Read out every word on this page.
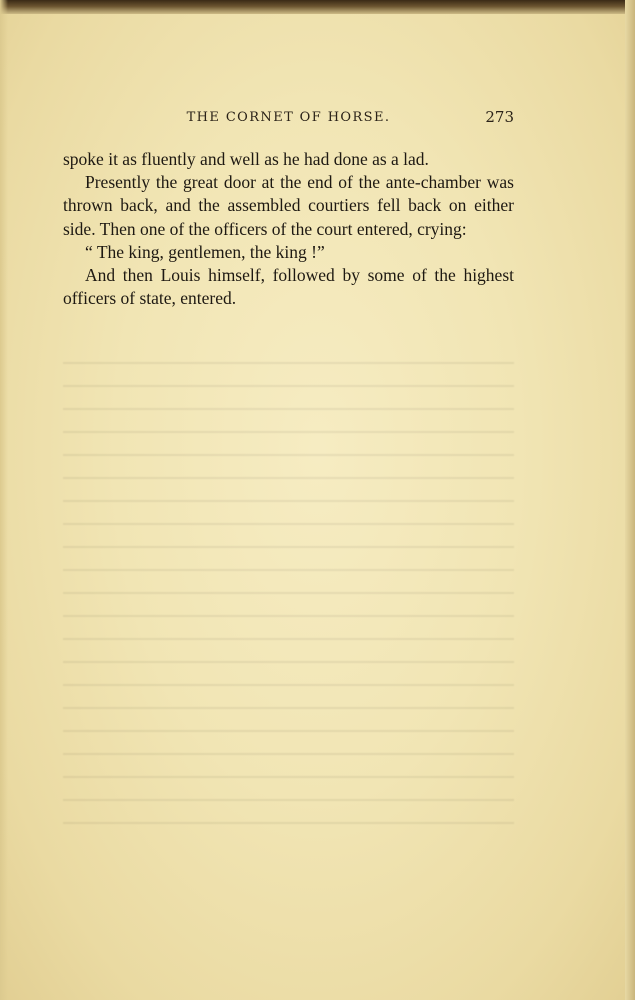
THE CORNET OF HORSE.	273

spoke it as fluently and well as he had done as a lad.

Presently the great door at the end of the ante-chamber was thrown back, and the assembled courtiers fell back on either side. Then one of the officers of the court entered, crying:

“ The king, gentlemen, the king !”

And then Louis himself, followed by some of the highest officers of state, entered.
